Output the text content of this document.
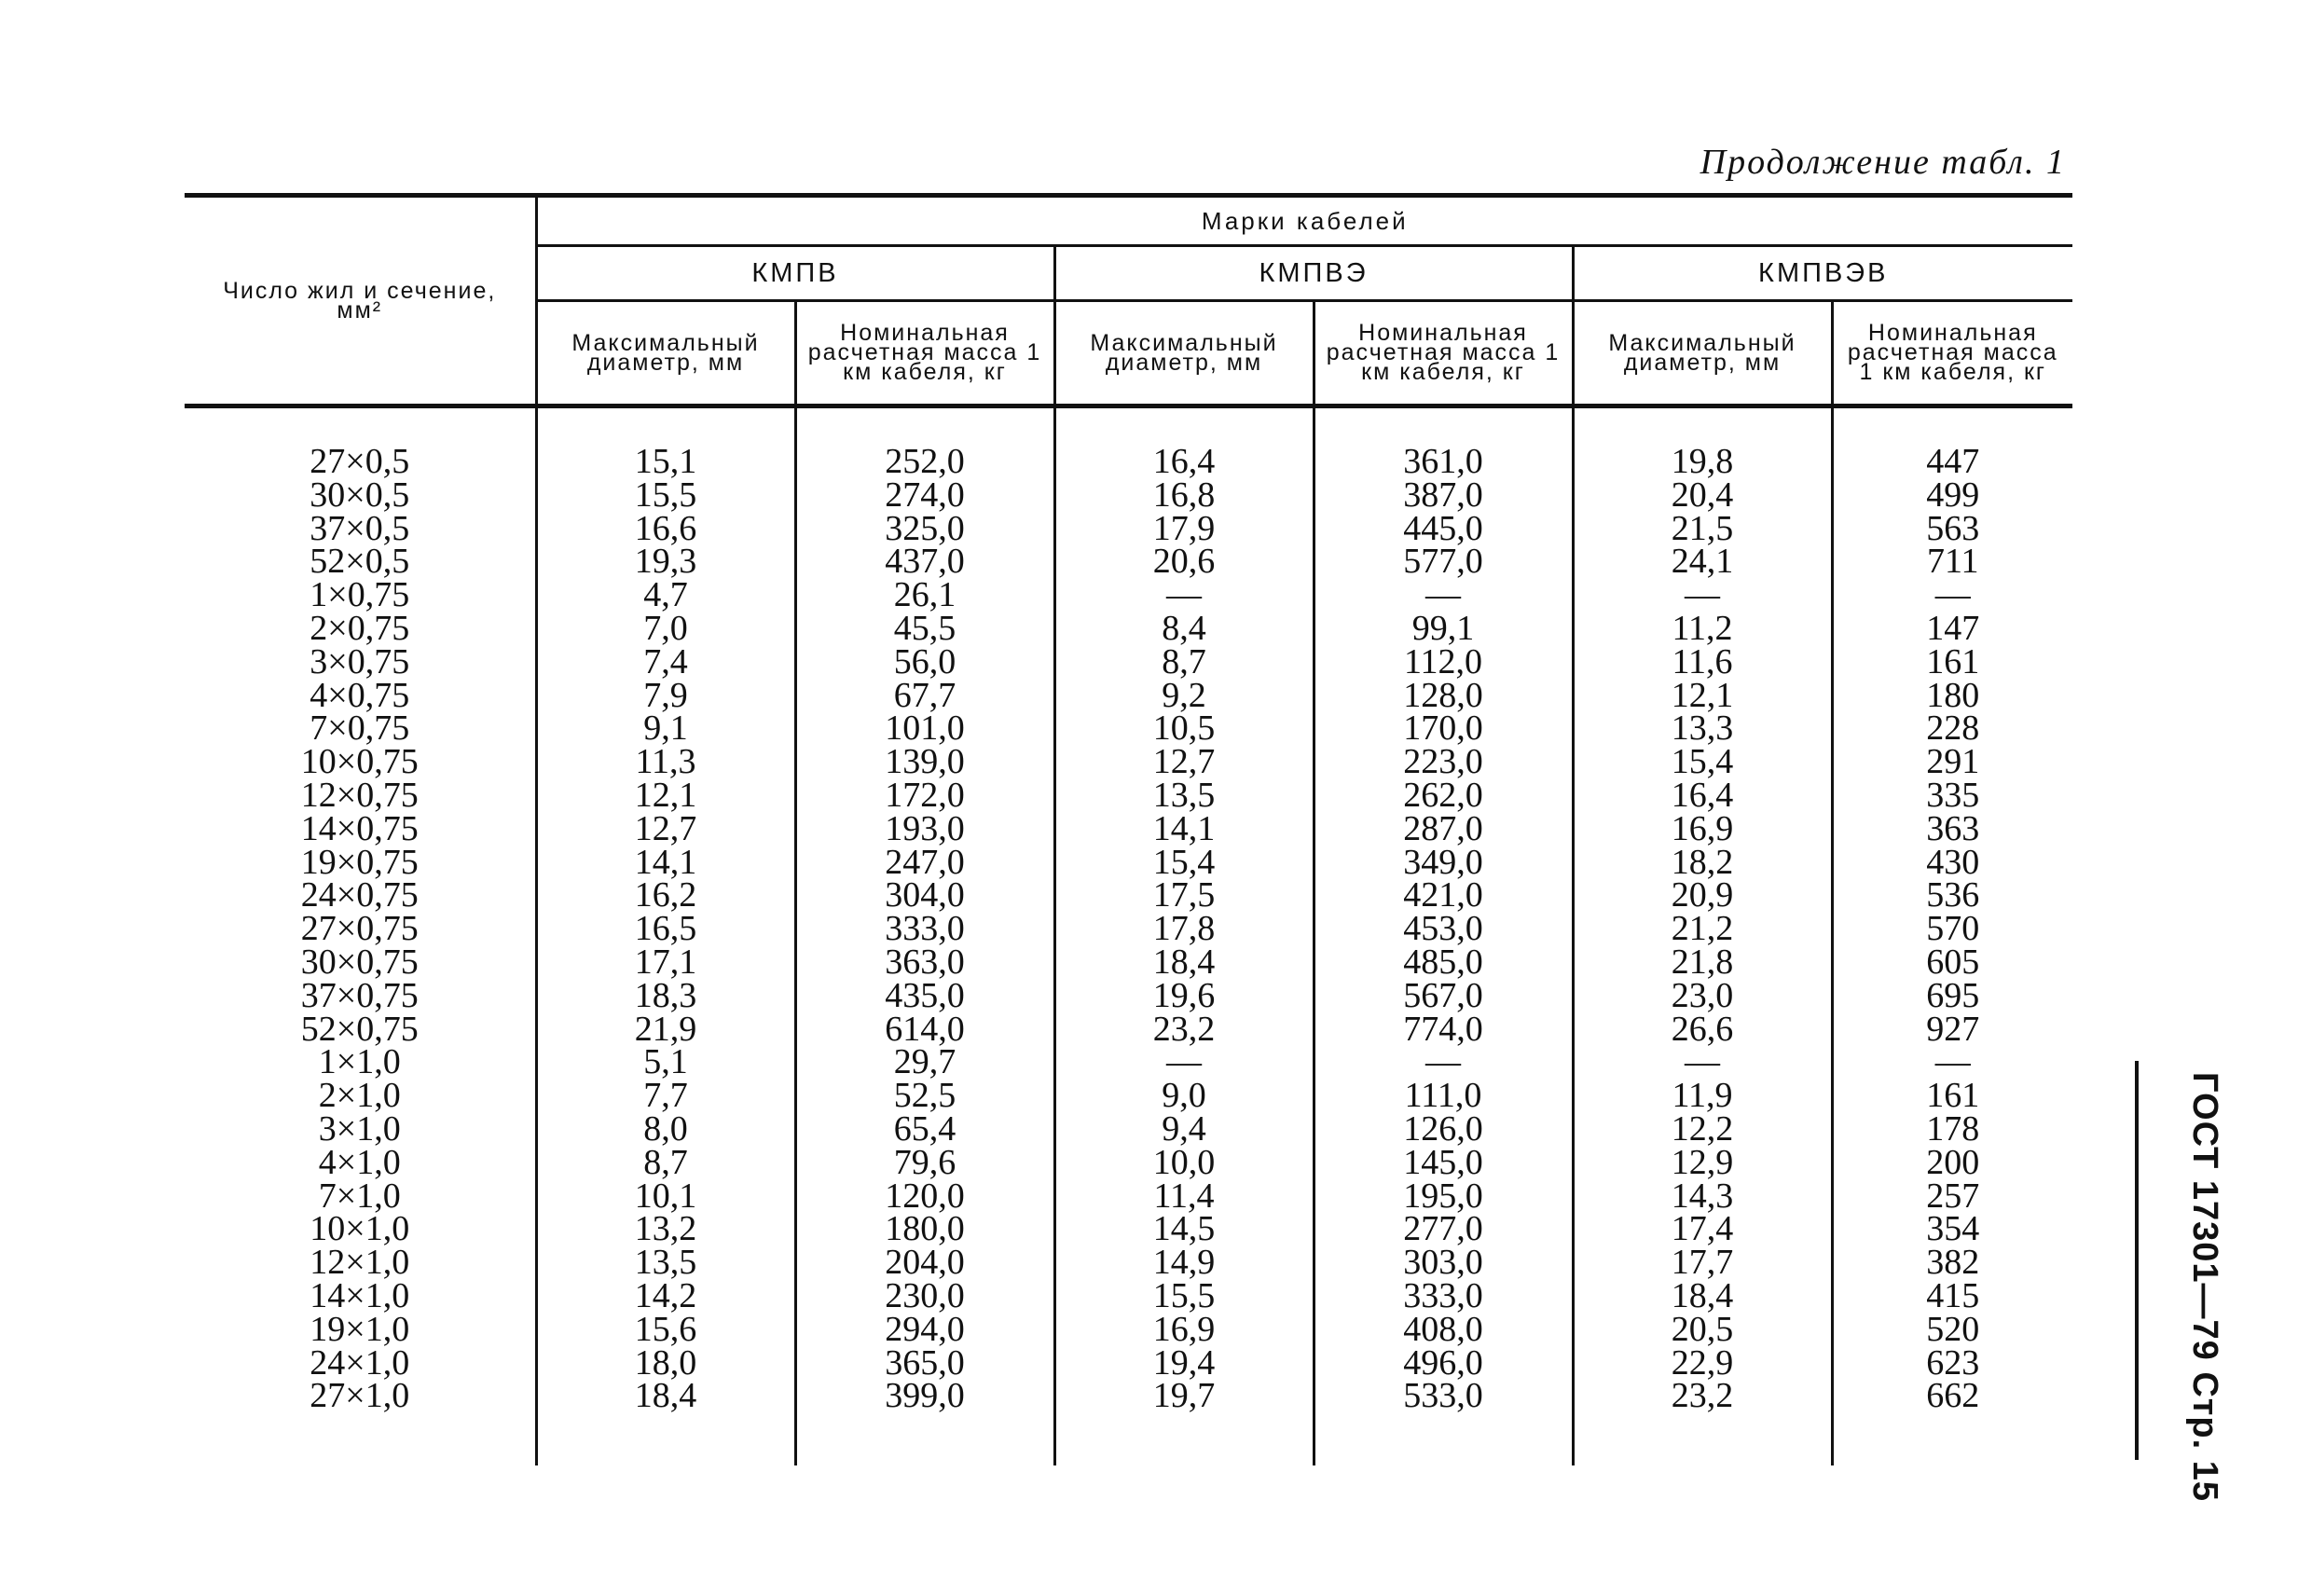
Продолжение табл. 1
Число жил и сечение, мм²	Марки кабелей					
	КМПВ		КМПВЭ		КМПВЭВ	
	Максимальный диаметр, мм	Номинальная расчетная масса 1 км кабеля, кг	Максимальный диаметр, мм	Номинальная расчетная масса 1 км кабеля, кг	Максимальный диаметр, мм	Номинальная расчетная масса 1 км кабеля, кг

27×0,5	15,1	252,0	16,4	361,0	19,8	447
30×0,5	15,5	274,0	16,8	387,0	20,4	499
37×0,5	16,6	325,0	17,9	445,0	21,5	563
52×0,5	19,3	437,0	20,6	577,0	24,1	711
1×0,75	4,7	26,1	—	—	—	—
2×0,75	7,0	45,5	8,4	99,1	11,2	147
3×0,75	7,4	56,0	8,7	112,0	11,6	161
4×0,75	7,9	67,7	9,2	128,0	12,1	180
7×0,75	9,1	101,0	10,5	170,0	13,3	228
10×0,75	11,3	139,0	12,7	223,0	15,4	291
12×0,75	12,1	172,0	13,5	262,0	16,4	335
14×0,75	12,7	193,0	14,1	287,0	16,9	363
19×0,75	14,1	247,0	15,4	349,0	18,2	430
24×0,75	16,2	304,0	17,5	421,0	20,9	536
27×0,75	16,5	333,0	17,8	453,0	21,2	570
30×0,75	17,1	363,0	18,4	485,0	21,8	605
37×0,75	18,3	435,0	19,6	567,0	23,0	695
52×0,75	21,9	614,0	23,2	774,0	26,6	927
1×1,0	5,1	29,7	—	—	—	—
2×1,0	7,7	52,5	9,0	111,0	11,9	161
3×1,0	8,0	65,4	9,4	126,0	12,2	178
4×1,0	8,7	79,6	10,0	145,0	12,9	200
7×1,0	10,1	120,0	11,4	195,0	14,3	257
10×1,0	13,2	180,0	14,5	277,0	17,4	354
12×1,0	13,5	204,0	14,9	303,0	17,7	382
14×1,0	14,2	230,0	15,5	333,0	18,4	415
19×1,0	15,6	294,0	16,9	408,0	20,5	520
24×1,0	18,0	365,0	19,4	496,0	22,9	623
27×1,0	18,4	399,0	19,7	533,0	23,2	662	ГОСТ 17301—79 Стр. 15
